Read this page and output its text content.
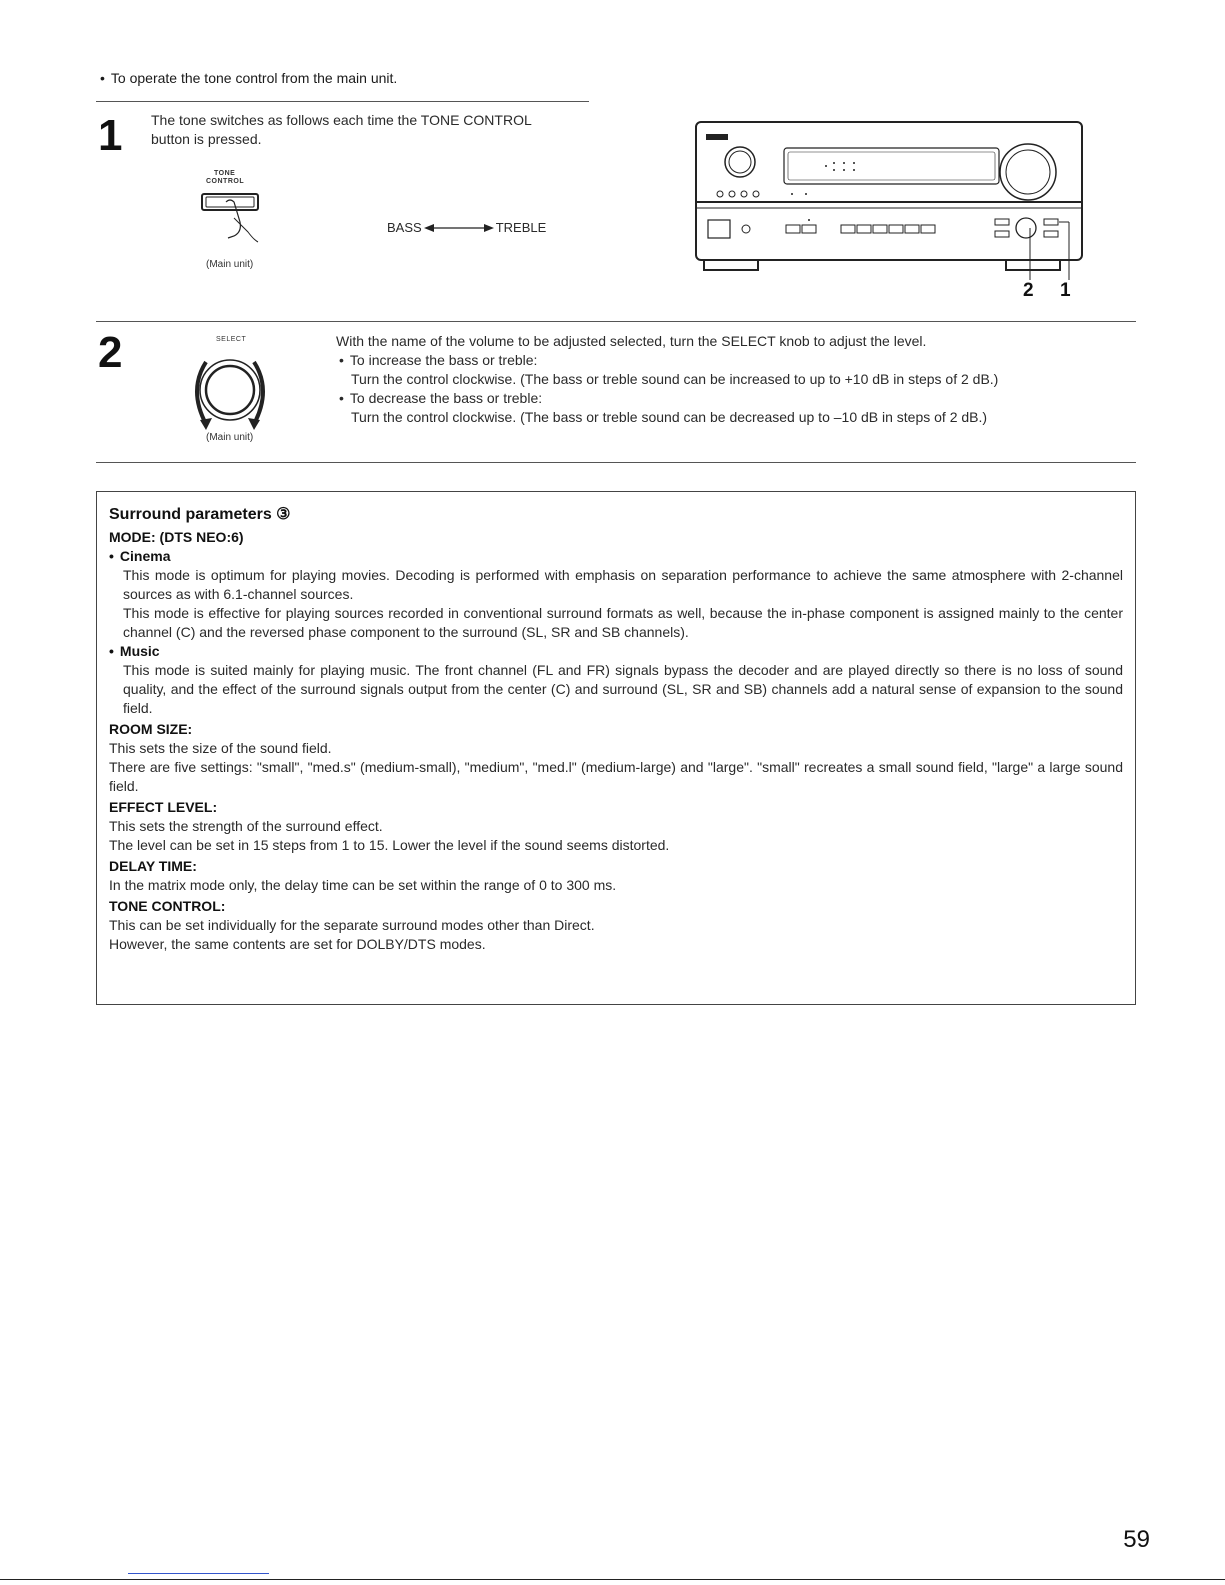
• To operate the tone control from the main unit.
1 The tone switches as follows each time the TONE CONTROL
button is pressed.
TONE
CONTROL
(Main unit)
BASS	TREBLE
2 1
2	SELECT
(Main unit)
With the name of the volume to be adjusted selected, turn the SELECT knob to adjust the level.
• To increase the bass or treble:
Turn the control clockwise. (The bass or treble sound can be increased to up to +10 dB in steps of 2 dB.)
• To decrease the bass or treble:
Turn the control clockwise. (The bass or treble sound can be decreased up to –10 dB in steps of 2 dB.)
Surround parameters ③
MODE: (DTS NEO:6)
• Cinema

This mode is optimum for playing movies. Decoding is performed with emphasis on separation performance to achieve the same atmosphere with 2-channel sources as with 6.1-channel sources.

This mode is effective for playing sources recorded in conventional surround formats as well, because the in-phase component is assigned mainly to the center channel (C) and the reversed phase component to the surround (SL, SR and SB channels).

• Music

This mode is suited mainly for playing music. The front channel (FL and FR) signals bypass the decoder and are played directly so there is no loss of sound quality, and the effect of the surround signals output from the center (C) and surround (SL, SR and SB) channels add a natural sense of expansion to the sound field.

ROOM SIZE:

This sets the size of the sound field.

There are five settings: "small", "med.s" (medium-small), "medium", "med.l" (medium-large) and "large". "small" recreates a small sound field, "large" a large sound field.

EFFECT LEVEL:

This sets the strength of the surround effect.

The level can be set in 15 steps from 1 to 15. Lower the level if the sound seems distorted.

DELAY TIME:

In the matrix mode only, the delay time can be set within the range of 0 to 300 ms.

TONE CONTROL:

This can be set individually for the separate surround modes other than Direct.

However, the same contents are set for DOLBY/DTS modes.

59
